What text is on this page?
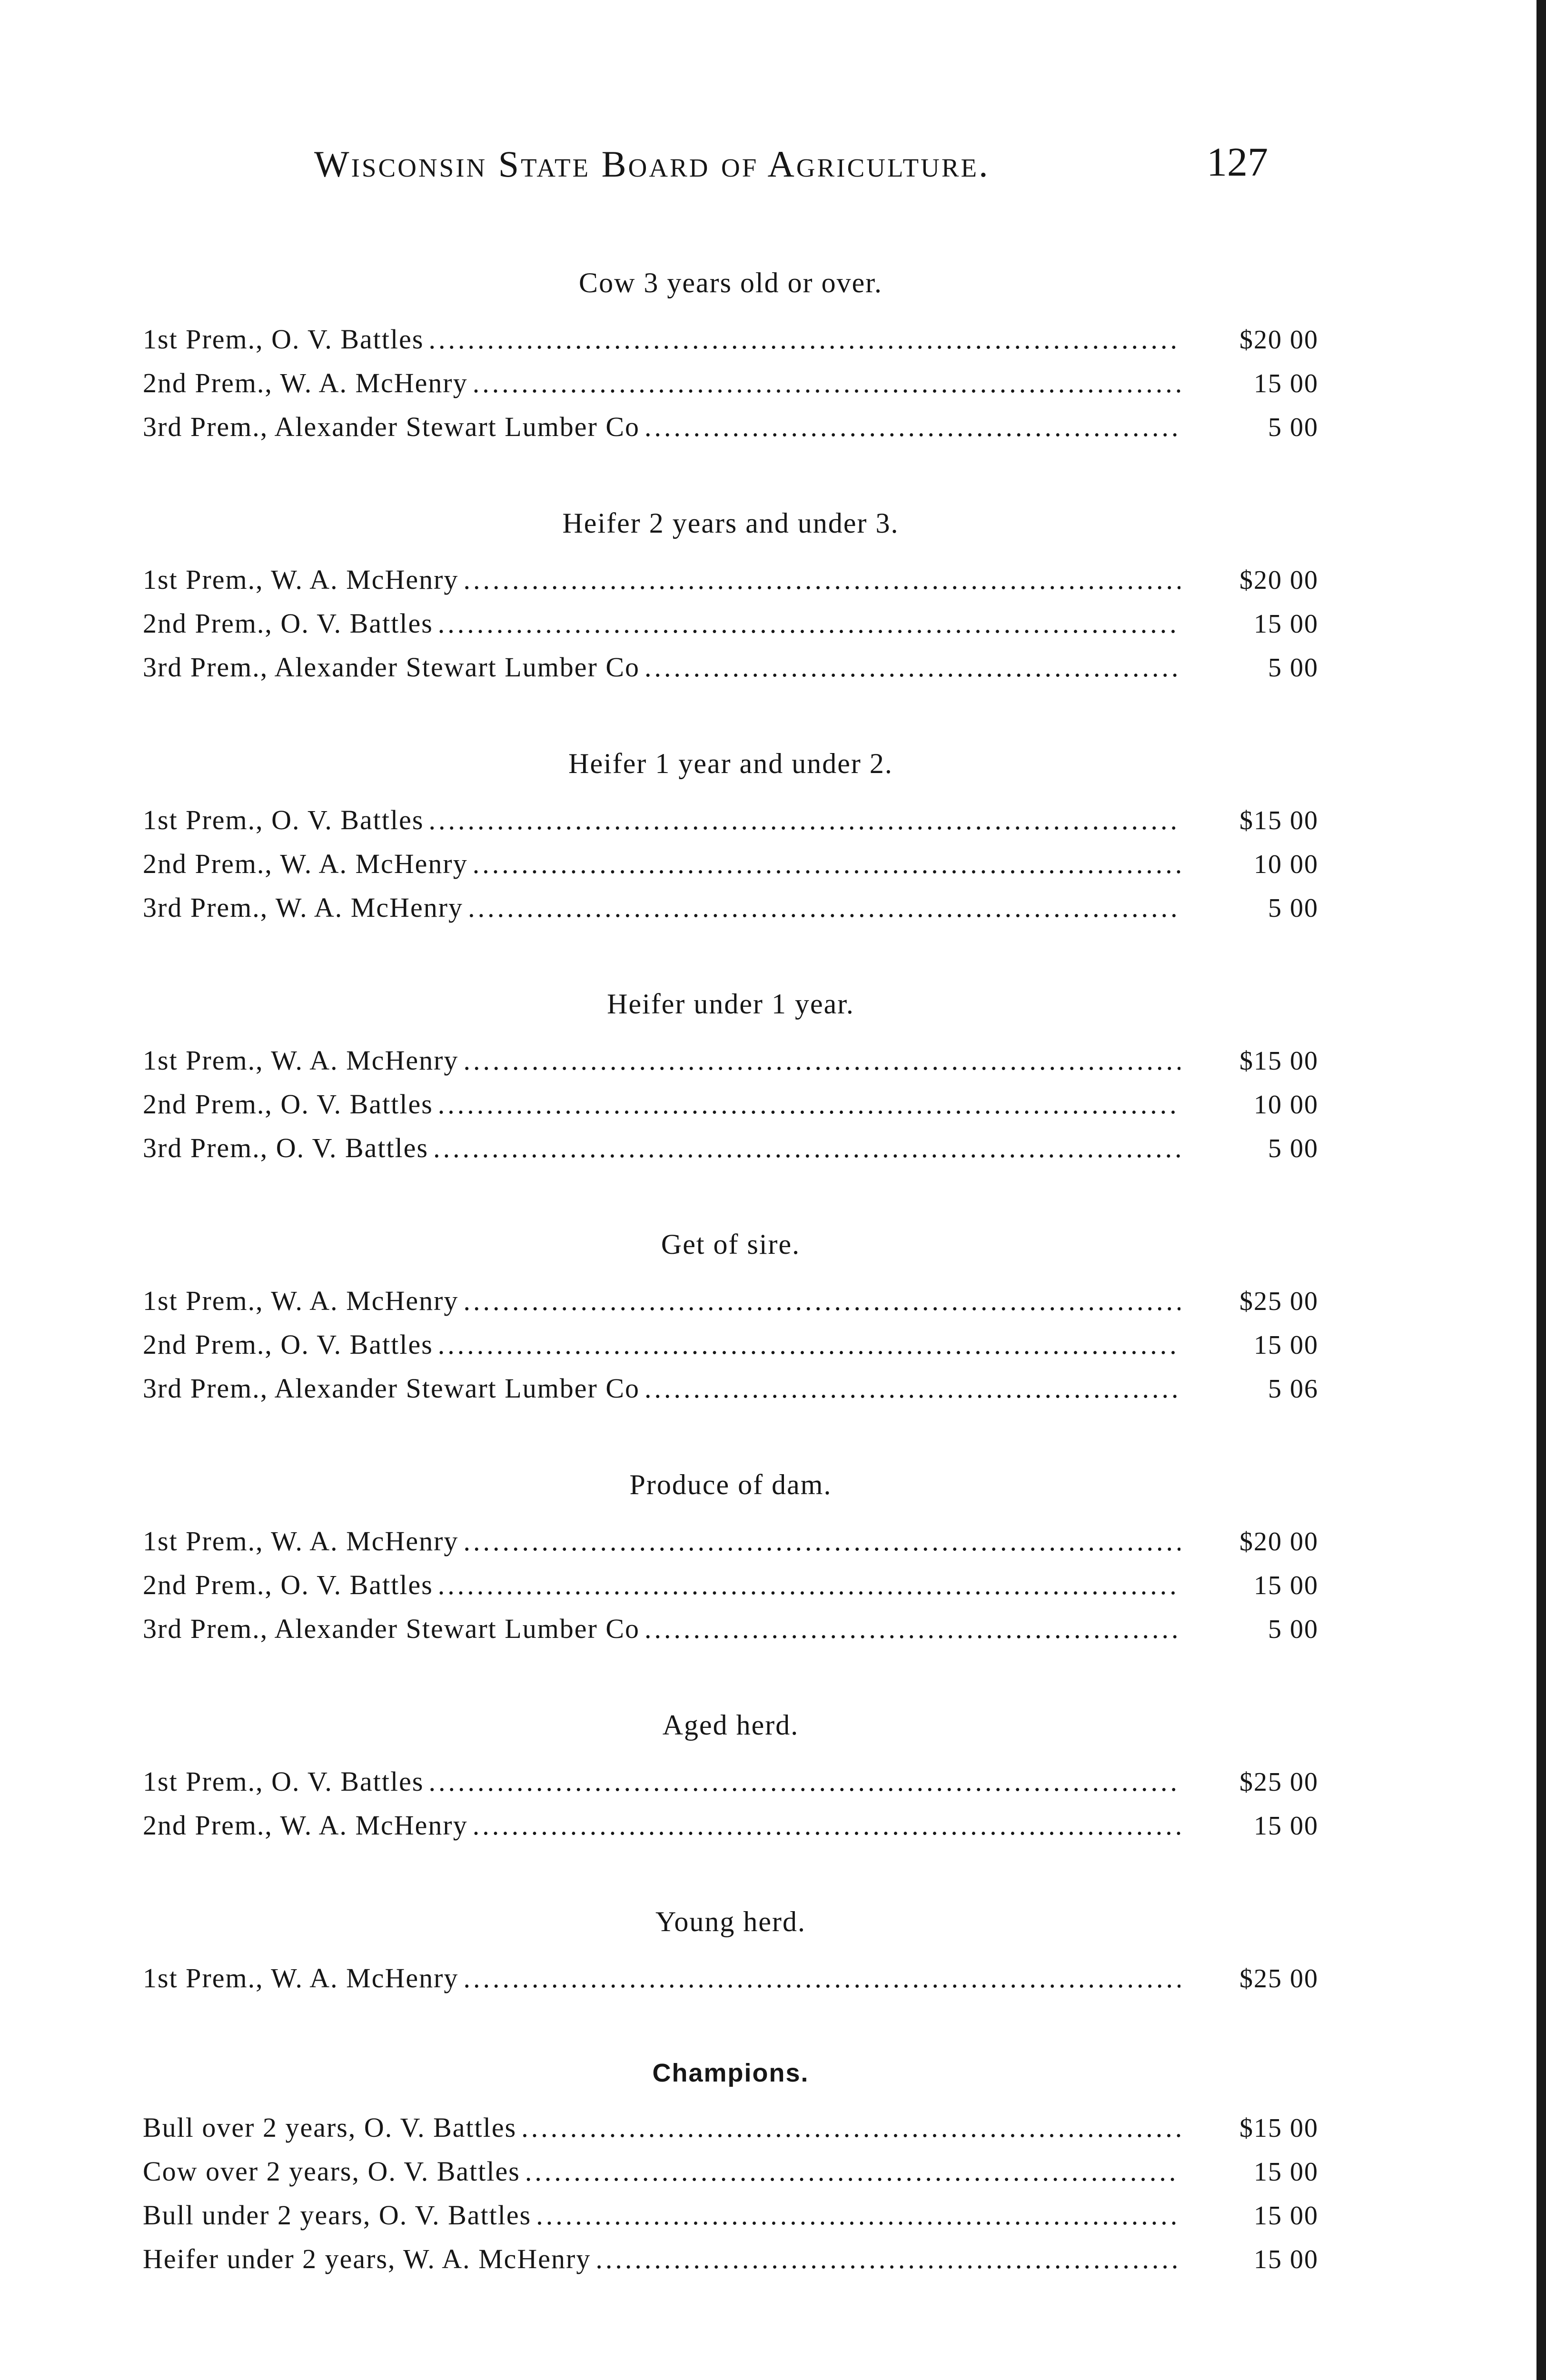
Wisconsin State Board of Agriculture.	127
Cow 3 years old or over.
1st Prem., O. V. Battles .....	$20 00
2nd Prem., W. A. McHenry .....	15 00
3rd Prem., Alexander Stewart Lumber Co .....	5 00
Heifer 2 years and under 3.
1st Prem., W. A. McHenry .....	$20 00
2nd Prem., O. V. Battles .....	15 00
3rd Prem., Alexander Stewart Lumber Co .....	5 00
Heifer 1 year and under 2.
1st Prem., O. V. Battles .....	$15 00
2nd Prem., W. A. McHenry .....	10 00
3rd Prem., W. A. McHenry .....	5 00
Heifer under 1 year.
1st Prem., W. A. McHenry .....	$15 00
2nd Prem., O. V. Battles .....	10 00
3rd Prem., O. V. Battles .....	5 00
Get of sire.
1st Prem., W. A. McHenry .....	$25 00
2nd Prem., O. V. Battles .....	15 00
3rd Prem., Alexander Stewart Lumber Co .....	5 06
Produce of dam.
1st Prem., W. A. McHenry .....	$20 00
2nd Prem., O. V. Battles .....	15 00
3rd Prem., Alexander Stewart Lumber Co .....	5 00
Aged herd.
1st Prem., O. V. Battles .....	$25 00
2nd Prem., W. A. McHenry .....	15 00
Young herd.
1st Prem., W. A. McHenry .....	$25 00
Champions.
Bull over 2 years, O. V. Battles .....	$15 00
Cow over 2 years, O. V. Battles .....	15 00
Bull under 2 years, O. V. Battles .....	15 00
Heifer under 2 years, W. A. McHenry .....	15 00
